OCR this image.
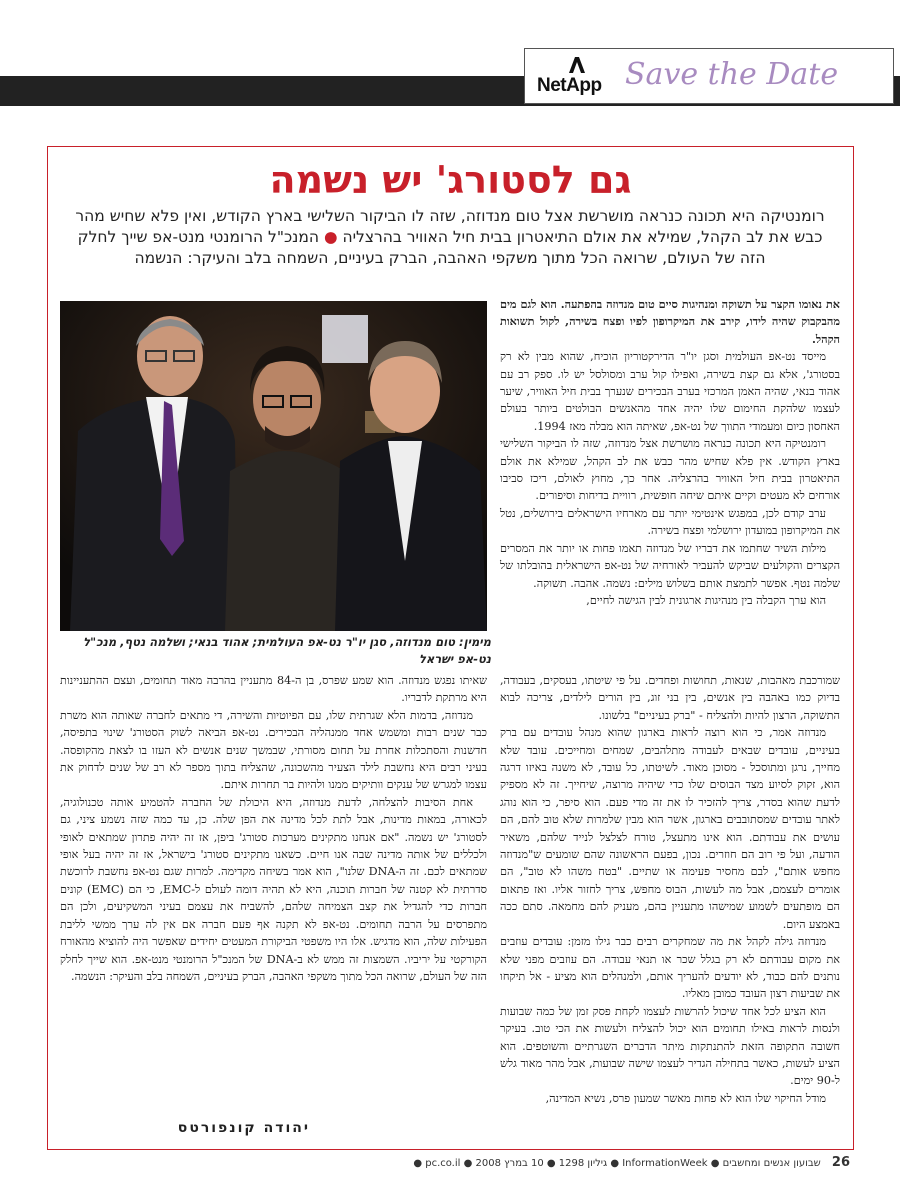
NetApp Save the Date
גם לסטורג' יש נשמה
רומנטיקה היא תכונה כנראה מושרשת אצל טום מנדוזה, שזה לו הביקור השלישי בארץ הקודש, ואין פלא שחיש מהר כבש את לב הקהל, שמילא את אולם התיאטרון בבית חיל האוויר בהרצליה ● המנכ"ל הרומנטי מנט-אפ שייך לחלק הזה של העולם, שרואה הכל מתוך משקפי האהבה, הברק בעיניים, השמחה בלב והעיקר: הנשמה
מימין: טום מנדוזה, סגן יו"ר נט-אפ העולמית; אהוד בנאי; ושלמה נטף, מנכ"ל נט-אפ ישראל

את נאומו הקצר על תשוקה ומנהיגות סיים טום מנדוזה בהפתעה. הוא לגם מים מהבקבוק שהיה לידו, קירב את המיקרופון לפיו ופצח בשירה, לקול תשואות הקהל.

מייסד נט-אפ העולמית וסגן יו"ר הדירקטוריון הוכיח, שהוא מבין לא רק בסטורג', אלא גם קצת בשירה, ואפילו קול ערב ומסולסל יש לו. ספק רב עם אהוד בנאי, שהיה האמן המרכזי בערב הבכירים שנערך בבית חיל האוויר, שיער לעצמו שלהקת החימום שלו יהיה אחד מהאנשים הבולטים ביותר בעולם האחסון כיום ומעמודי התווך של נט-אפ, שאיתה הוא מבלה מאז 1994.

רומנטיקה היא תכונה כנראה מושרשת אצל מנדוזה, שזה לו הביקור השלישי בארץ הקודש. אין פלא שחיש מהר כבש את לב הקהל, שמילא את אולם התיאטרון בבית חיל האוויר בהרצליה. אחר כך, מחוץ לאולם, ריכז סביבו אורחים לא מעטים וקיים איתם שיחה חופשית, רוויית בדיחות וסיפורים.

ערב קודם לכן, במפגש אינטימי יותר עם מארחיו הישראלים בירושלים, נטל את המיקרופון במועדון ירושלמי ופצח בשירה.

מילות השיר שחתמו את דבריו של מנדוזה תאמו פחות או יותר את המסרים הקצרים והקולעים שביקש להעביר לאורחיה של נט-אפ הישראלית בהובלתו של שלמה נטף. אפשר לתמצת אותם בשלוש מילים: נשמה. אהבה. תשוקה.

הוא ערך הקבלה בין מנהיגות ארגונית לבין הגישה לחיים,

שמורכבת מאהבות, שנאות, תחושות ופחדים. על פי שיטתו, בעסקים, בעבודה, בדיוק כמו באהבה בין אנשים, בין בני זוג, בין הורים לילדים, צריכה לבוא התשוקה, הרצון להיות ולהצליח - "ברק בעיניים" בלשונו.

מנדוזה אמר, כי הוא רוצה לראות בארגון שהוא מנהל עובדים עם ברק בעיניים, עובדים שבאים לעבודה מתלהבים, שמחים ומחייכים. עובד שלא מחייך, נרגן ומתוסכל - מסוכן מאוד. לשיטתו, כל עובד, לא משנה באיזו דרגה הוא, זקוק לסיוע מצד הבוסים שלו כדי שיהיה מרוצה, שיחייך. זה לא מספיק לדעת שהוא בסדר, צריך להזכיר לו את זה מדי פעם. הוא סיפר, כי הוא נוהג לאתר עובדים שמסתובבים בארגון, אשר הוא מבין שלמרות שלא טוב להם, הם עושים את עבודתם. הוא אינו מתעצל, טורח לצלצל לנייד שלהם, משאיר הודעה, ועל פי רוב הם חוזרים. נכון, בפעם הראשונה שהם שומעים ש"מנדוזה מחפש אותם", לבם מחסיר פעימה או שתיים. "בטח משהו לא טוב", הם אומרים לעצמם, אבל מה לעשות, הבוס מחפש, צריך לחזור אליו. ואז פתאום הם מופתעים לשמוע שמישהו מתעניין בהם, מעניק להם מחמאה. סתם ככה באמצע היום.

מנדוזה גילה לקהל את מה שמחקרים רבים כבר גילו מזמן: עובדים עוזבים את מקום עבודתם לא רק בגלל שכר או תנאי עבודה. הם עוזבים מפני שלא נותנים להם כבוד, לא יודעים להעריך אותם, ולמנהלים הוא מציע - אל תיקחו את שביעות רצון העובד כמובן מאליו.

הוא הציע לכל אחד שיכול להרשות לעצמו לקחת פסק זמן של כמה שבועות ולנסות לראות באילו תחומים הוא יכול להצליח ולעשות את הכי טוב. בעיקר חשובה התקופה הזאת להתנתקות מיתר הדברים השגרתיים והשוטפים. הוא הציע לעשות, כאשר בתחילה הגדיר לעצמו שישה שבועות, אבל מהר מאוד גלש ל-90 ימים.

מודל החיקוי שלו הוא לא פחות מאשר שמעון פרס, נשיא המדינה,

שאיתו נפגש מנדוזה. הוא שמע שפרס, בן ה-84 מתעניין בהרבה מאוד תחומים, ועצם ההתעניינות היא מרתקת לדבריו.

מנדוזה, בדמות הלא שגרתית שלו, עם הפיוטיות והשירה, די מתאים לחברה שאותה הוא משרת כבר שנים רבות ומשמש אחד ממנהליה הבכירים. נט-אפ הביאה לשוק הסטורג' שינוי בתפיסה, חדשנות והסתכלות אחרת על תחום מסורתי, שבמשך שנים אנשים לא העזו בו לצאת מהקופסה. בעיני רבים היא נחשבת לילד הצעיר מהשכונה, שהצליח בתוך מספר לא רב של שנים לדחוק את עצמו למגרש של ענקים וותיקים ממנו ולהיות בר תחרות איתם.

אחת הסיבות להצלחה, לדעת מנדוזה, היא היכולת של החברה להטמיע אותה טכנולוגיה, לכאורה, במאות מדינות, אבל לתת לכל מדינה את הפן שלה. כן, עד כמה שזה נשמע ציני, גם לסטורג' יש נשמה. "אם אנחנו מתקינים מערכות סטורג' ביפן, אז זה יהיה פתרון שמתאים לאופי ולכללים של אותה מדינה שבה אנו חיים. כשאנו מתקינים סטורג' בישראל, אז זה יהיה בעל אופי שמתאים לכם. זה ה-DNA שלנו", הוא אמר בשיחה מקדימה. למרות שגם נט-אפ נחשבת לרוכשת סדרתית לא קטנה של חברות תוכנה, היא לא תהיה דומה לעולם ל-EMC, כי הם (EMC) קונים חברות כדי להגדיל את קצב הצמיחה שלהם, להשביח את עצמם בעיני המשקיעים, ולכן הם מתפרסים על הרבה תחומים. נט-אפ לא תקנה אף פעם חברה אם אין לה ערך ממשי לליבת הפעילות שלה, הוא מדגיש. אלו היו משפטי הביקורת המעטים יחידים שאפשר היה להוציא מהאורח הקורקטי על יריביו. השמצות זה ממש לא ב-DNA של המנכ"ל הרומנטי מנט-אפ. הוא שייך לחלק הזה של העולם, שרואה הכל מתוך משקפי האהבה, הברק בעיניים, השמחה בלב והעיקר: הנשמה.

יהודה קונפורטס
26 שבועון אנשים ומחשבים ● InformationWeek ● גיליון 1298 ● 10 במרץ 2008 ● pc.co.il ●
